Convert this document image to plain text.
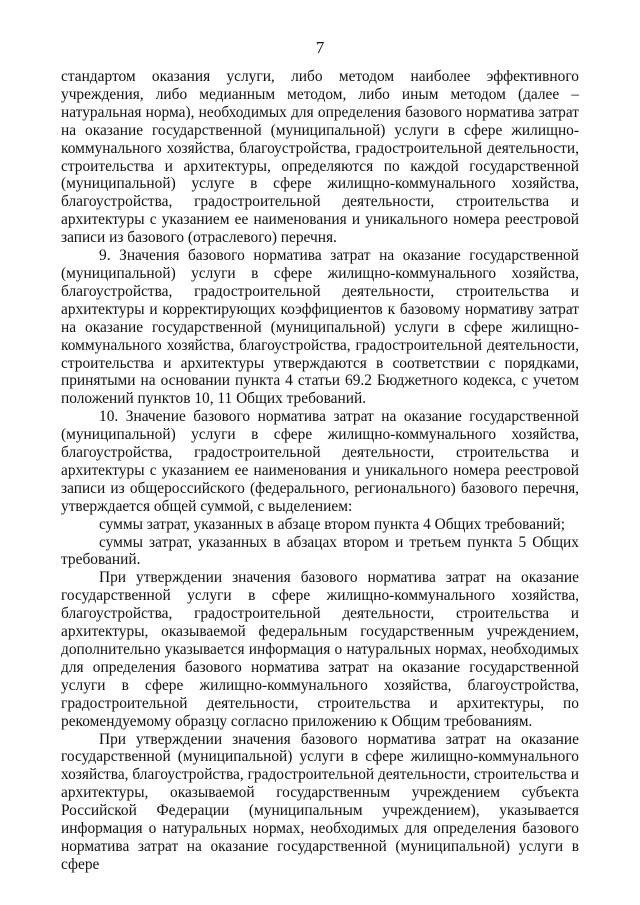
7

стандартом оказания услуги, либо методом наиболее эффективного учреждения, либо медианным методом, либо иным методом (далее – натуральная норма), необходимых для определения базового норматива затрат на оказание государственной (муниципальной) услуги в сфере жилищно-коммунального хозяйства, благоустройства, градостроительной деятельности, строительства и архитектуры, определяются по каждой государственной (муниципальной) услуге в сфере жилищно-коммунального хозяйства, благоустройства, градостроительной деятельности, строительства и архитектуры с указанием ее наименования и уникального номера реестровой записи из базового (отраслевого) перечня.

9. Значения базового норматива затрат на оказание государственной (муниципальной) услуги в сфере жилищно-коммунального хозяйства, благоустройства, градостроительной деятельности, строительства и архитектуры и корректирующих коэффициентов к базовому нормативу затрат на оказание государственной (муниципальной) услуги в сфере жилищно-коммунального хозяйства, благоустройства, градостроительной деятельности, строительства и архитектуры утверждаются в соответствии с порядками, принятыми на основании пункта 4 статьи 69.2 Бюджетного кодекса, с учетом положений пунктов 10, 11 Общих требований.

10. Значение базового норматива затрат на оказание государственной (муниципальной) услуги в сфере жилищно-коммунального хозяйства, благоустройства, градостроительной деятельности, строительства и архитектуры с указанием ее наименования и уникального номера реестровой записи из общероссийского (федерального, регионального) базового перечня, утверждается общей суммой, с выделением:

суммы затрат, указанных в абзаце втором пункта 4 Общих требований;

суммы затрат, указанных в абзацах втором и третьем пункта 5 Общих требований.

При утверждении значения базового норматива затрат на оказание государственной услуги в сфере жилищно-коммунального хозяйства, благоустройства, градостроительной деятельности, строительства и архитектуры, оказываемой федеральным государственным учреждением, дополнительно указывается информация о натуральных нормах, необходимых для определения базового норматива затрат на оказание государственной услуги в сфере жилищно-коммунального хозяйства, благоустройства, градостроительной деятельности, строительства и архитектуры, по рекомендуемому образцу согласно приложению к Общим требованиям.

При утверждении значения базового норматива затрат на оказание государственной (муниципальной) услуги в сфере жилищно-коммунального хозяйства, благоустройства, градостроительной деятельности, строительства и архитектуры, оказываемой государственным учреждением субъекта Российской Федерации (муниципальным учреждением), указывается информация о натуральных нормах, необходимых для определения базового норматива затрат на оказание государственной (муниципальной) услуги в сфере
